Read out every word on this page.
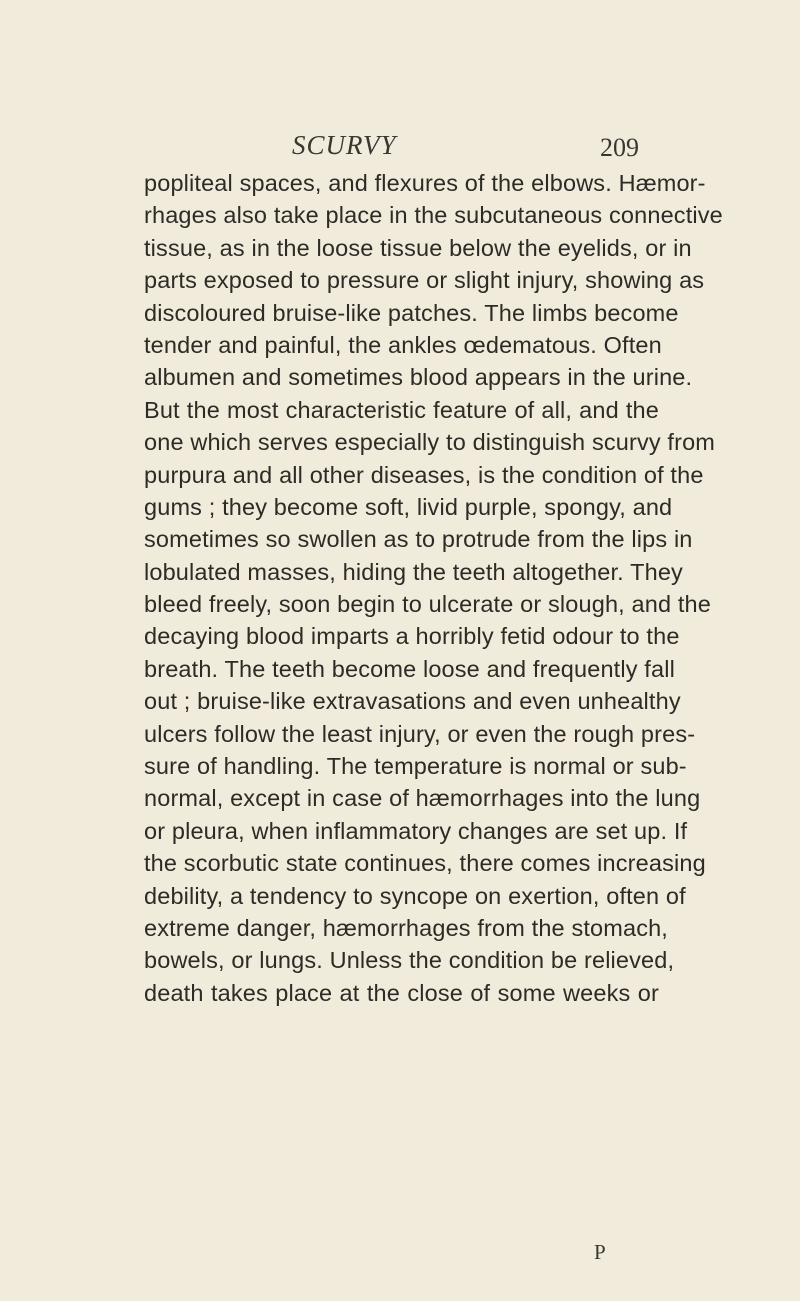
SCURVY	209
popliteal spaces, and flexures of the elbows. Hæmor-
rhages also take place in the subcutaneous connective
tissue, as in the loose tissue below the eyelids, or in
parts exposed to pressure or slight injury, showing as
discoloured bruise-like patches. The limbs become
tender and painful, the ankles œdematous. Often
albumen and sometimes blood appears in the urine.
But the most characteristic feature of all, and the
one which serves especially to distinguish scurvy from
purpura and all other diseases, is the condition of the
gums ; they become soft, livid purple, spongy, and
sometimes so swollen as to protrude from the lips in
lobulated masses, hiding the teeth altogether. They
bleed freely, soon begin to ulcerate or slough, and the
decaying blood imparts a horribly fetid odour to the
breath. The teeth become loose and frequently fall
out ; bruise-like extravasations and even unhealthy
ulcers follow the least injury, or even the rough pres-
sure of handling. The temperature is normal or sub-
normal, except in case of hæmorrhages into the lung
or pleura, when inflammatory changes are set up. If
the scorbutic state continues, there comes increasing
debility, a tendency to syncope on exertion, often of
extreme danger, hæmorrhages from the stomach,
bowels, or lungs. Unless the condition be relieved,
death takes place at the close of some weeks or
P
